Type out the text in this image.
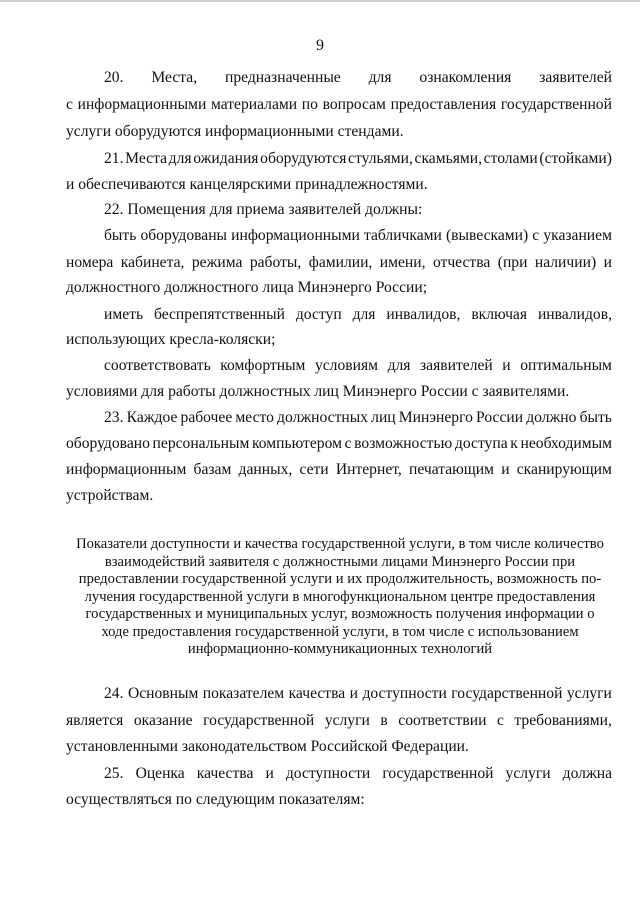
9
20. Места, предназначенные для ознакомления заявителей
с информационными материалами по вопросам предоставления государственной
услуги оборудуются информационными стендами.
21. Места для ожидания оборудуются стульями, скамьями, столами (стойками)
и обеспечиваются канцелярскими принадлежностями.
22. Помещения для приема заявителей должны:
быть оборудованы информационными табличками (вывесками) с указанием
номера кабинета, режима работы, фамилии, имени, отчества (при наличии) и
должностного должностного лица Минэнерго России;
иметь беспрепятственный доступ для инвалидов, включая инвалидов,
использующих кресла-коляски;
соответствовать комфортным условиям для заявителей и оптимальным
условиями для работы должностных лиц Минэнерго России с заявителями.
23. Каждое рабочее место должностных лиц Минэнерго России должно быть
оборудовано персональным компьютером с возможностью доступа к необходимым
информационным базам данных, сети Интернет, печатающим и сканирующим
устройствам.
Показатели доступности и качества государственной услуги, в том числе количество
взаимодействий заявителя с должностными лицами Минэнерго России при
предоставлении государственной услуги и их продолжительность, возможность по-
лучения государственной услуги в многофункциональном центре предоставления
государственных и муниципальных услуг, возможность получения информации о
ходе предоставления государственной услуги, в том числе с использованием
информационно-коммуникационных технологий
24. Основным показателем качества и доступности государственной услуги
является оказание государственной услуги в соответствии с требованиями,
установленными законодательством Российской Федерации.
25. Оценка качества и доступности государственной услуги должна
осуществляться по следующим показателям:
